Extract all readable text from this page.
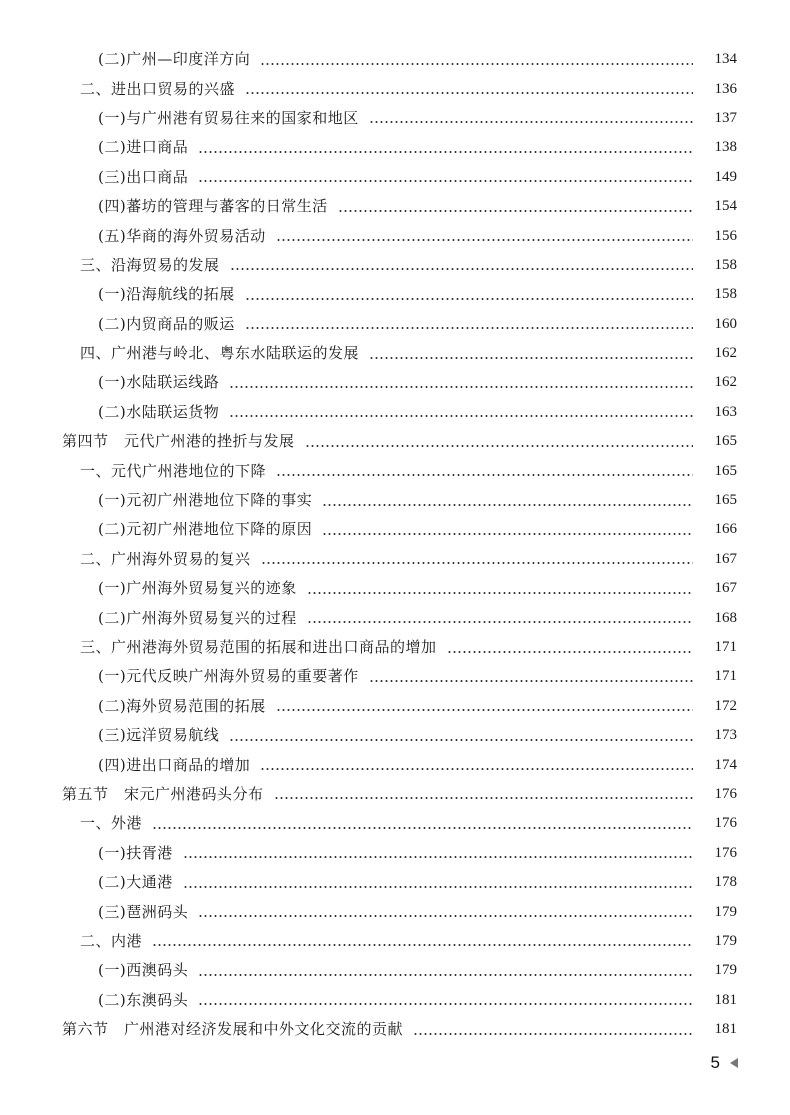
(二)广州—印度洋方向	134
二、进出口贸易的兴盛	136
(一)与广州港有贸易往来的国家和地区	137
(二)进口商品	138
(三)出口商品	149
(四)蕃坊的管理与蕃客的日常生活	154
(五)华商的海外贸易活动	156
三、沿海贸易的发展	158
(一)沿海航线的拓展	158
(二)内贸商品的贩运	160
四、广州港与岭北、粤东水陆联运的发展	162
(一)水陆联运线路	162
(二)水陆联运货物	163
第四节　元代广州港的挫折与发展	165
一、元代广州港地位的下降	165
(一)元初广州港地位下降的事实	165
(二)元初广州港地位下降的原因	166
二、广州海外贸易的复兴	167
(一)广州海外贸易复兴的迹象	167
(二)广州海外贸易复兴的过程	168
三、广州港海外贸易范围的拓展和进出口商品的增加	171
(一)元代反映广州海外贸易的重要著作	171
(二)海外贸易范围的拓展	172
(三)远洋贸易航线	173
(四)进出口商品的增加	174
第五节　宋元广州港码头分布	176
一、外港	176
(一)扶胥港	176
(二)大通港	178
(三)琶洲码头	179
二、内港	179
(一)西澳码头	179
(二)东澳码头	181
第六节　广州港对经济发展和中外文化交流的贡献	181
5
